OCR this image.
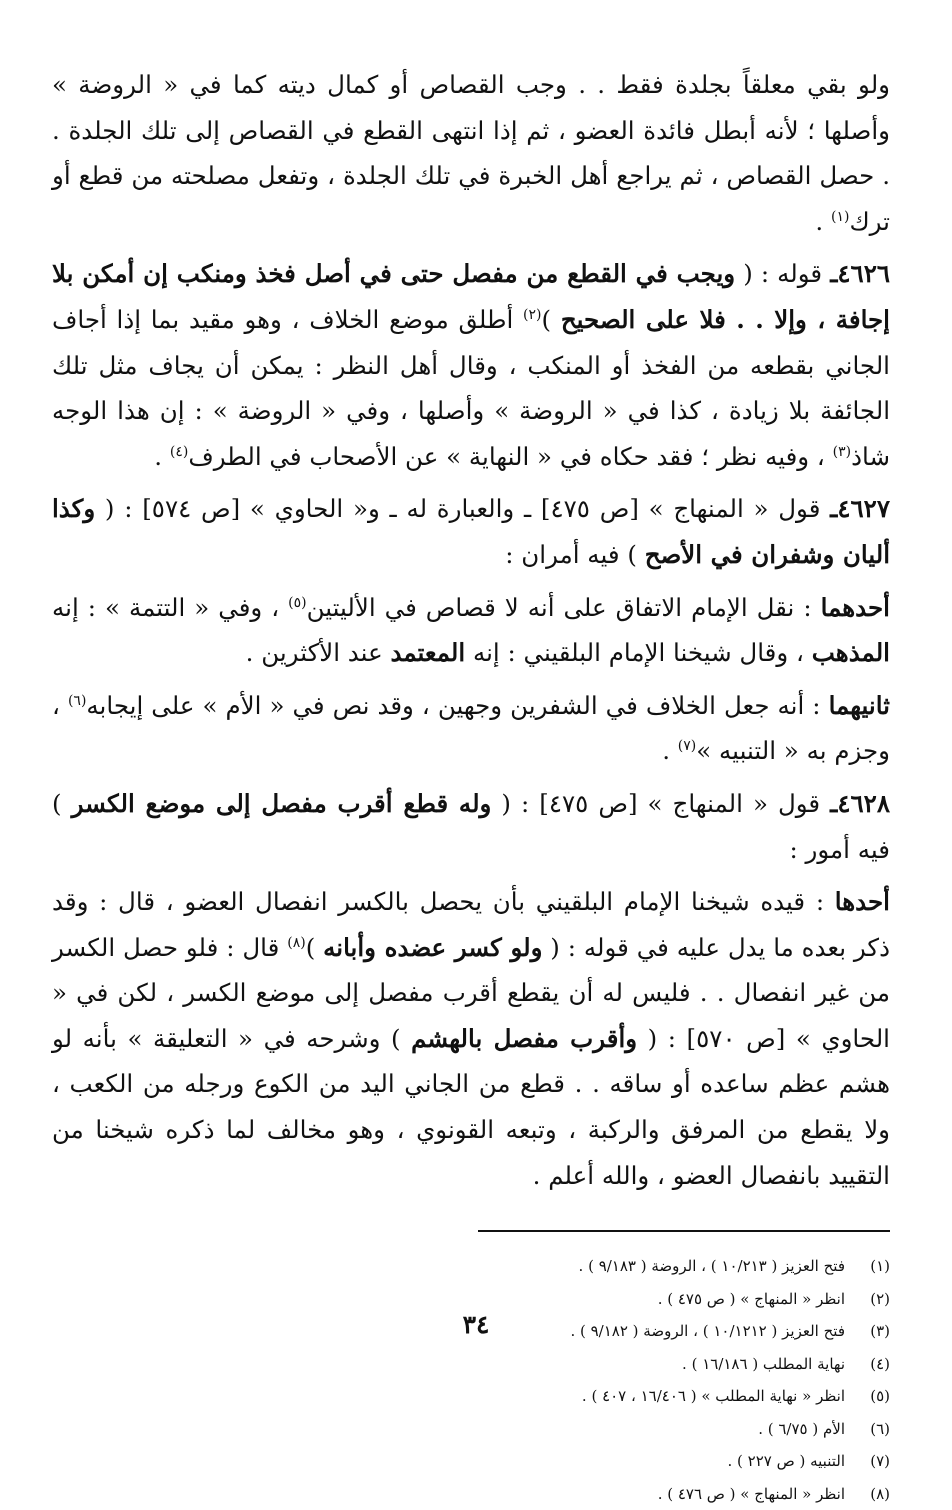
ولو بقي معلقاً بجلدة فقط . . وجب القصاص أو كمال ديته كما في « الروضة » وأصلها ؛ لأنه أبطل فائدة العضو ، ثم إذا انتهى القطع في القصاص إلى تلك الجلدة . . حصل القصاص ، ثم يراجع أهل الخبرة في تلك الجلدة ، وتفعل مصلحته من قطع أو ترك$^{(١)}$ .

٤٦٢٦ـ قوله : ( ويجب في القطع من مفصل حتى في أصل فخذ ومنكب إن أمكن بلا إجافة ، وإلا . . فلا على الصحيح )$^{(٢)}$ أطلق موضع الخلاف ، وهو مقيد بما إذا أجاف الجاني بقطعه من الفخذ أو المنكب ، وقال أهل النظر : يمكن أن يجاف مثل تلك الجائفة بلا زيادة ، كذا في « الروضة » وأصلها ، وفي « الروضة » : إن هذا الوجه شاذ$^{(٣)}$ ، وفيه نظر ؛ فقد حكاه في « النهاية » عن الأصحاب في الطرف$^{(٤)}$ .

٤٦٢٧ـ قول « المنهاج » [ص ٤٧٥] ـ والعبارة له ـ و« الحاوي » [ص ٥٧٤] : ( وكذا أليان وشفران في الأصح ) فيه أمران :

أحدهما : نقل الإمام الاتفاق على أنه لا قصاص في الأليتين$^{(٥)}$ ، وفي « التتمة » : إنه المذهب ، وقال شيخنا الإمام البلقيني : إنه المعتمد عند الأكثرين .

ثانيهما : أنه جعل الخلاف في الشفرين وجهين ، وقد نص في « الأم » على إيجابه$^{(٦)}$ ، وجزم به « التنبيه »$^{(٧)}$ .

٤٦٢٨ـ قول « المنهاج » [ص ٤٧٥] : ( وله قطع أقرب مفصل إلى موضع الكسر ) فيه أمور :

أحدها : قيده شيخنا الإمام البلقيني بأن يحصل بالكسر انفصال العضو ، قال : وقد ذكر بعده ما يدل عليه في قوله : ( ولو كسر عضده وأبانه )$^{(٨)}$ قال : فلو حصل الكسر من غير انفصال . . فليس له أن يقطع أقرب مفصل إلى موضع الكسر ، لكن في « الحاوي » [ص ٥٧٠] : ( وأقرب مفصل بالهشم ) وشرحه في « التعليقة » بأنه لو هشم عظم ساعده أو ساقه . . قطع من الجاني اليد من الكوع ورجله من الكعب ، ولا يقطع من المرفق والركبة ، وتبعه القونوي ، وهو مخالف لما ذكره شيخنا من التقييد بانفصال العضو ، والله أعلم .

(١)
فتح العزيز ( ١٠/٢١٣ ) ، الروضة ( ٩/١٨٣ ) .
(٢)
انظر « المنهاج » ( ص ٤٧٥ ) .
(٣)
فتح العزيز ( ١٠/١٢١٢ ) ، الروضة ( ٩/١٨٢ ) .
(٤)
نهاية المطلب ( ١٦/١٨٦ ) .
(٥)
انظر « نهاية المطلب » ( ١٦/٤٠٦ ، ٤٠٧ ) .
(٦)
الأم ( ٦/٧٥ ) .
(٧)
التنبيه ( ص ٢٢٧ ) .
(٨)
انظر « المنهاج » ( ص ٤٧٦ ) .
٣٤
